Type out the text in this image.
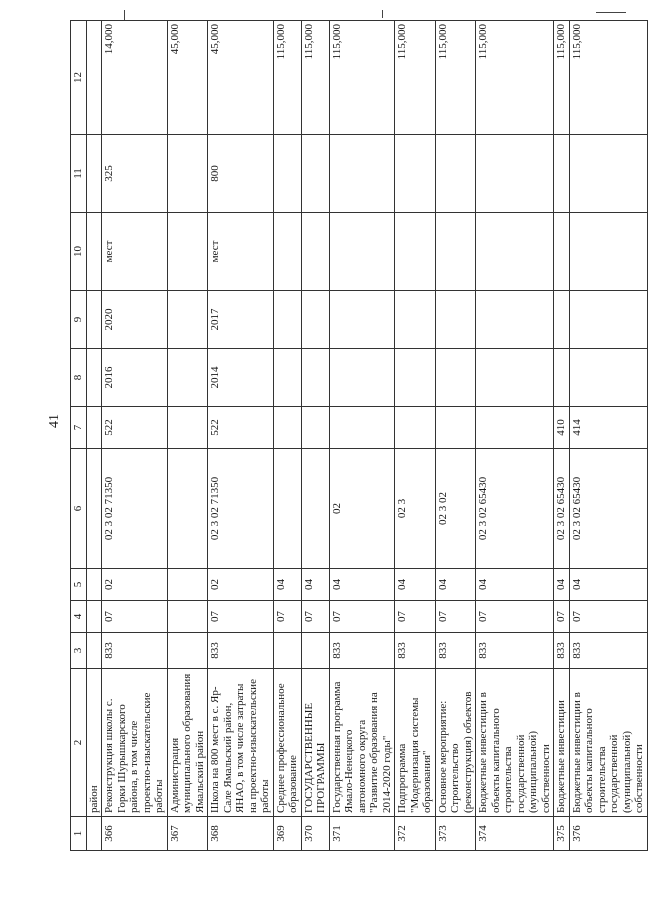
41
1	2	3	4	5	6	7	8	9	10	11	12
	район										
366	Реконструкция школы с. Горки Шурышкарского района, в том числе проектно-изыскательские работы	833	07	02	02 3 02 71350	522	2016	2020	мест	325	14,000
367	Администрация муниципального образования Ямальский район										45,000
368	Школа на 800 мест в с. Яр-Сале Ямальский район, ЯНАО, в том числе затраты на проектно-изыскательские работы	833	07	02	02 3 02 71350	522	2014	2017	мест	800	45,000
369	Среднее профессиональное образование		07	04							115,000
370	ГОСУДАРСТВЕННЫЕ ПРОГРАММЫ		07	04							115,000
371	Государственная программа Ямало-Ненецкого автономного округа "Развитие образования на 2014-2020 годы"	833	07	04	02						115,000
372	Подпрограмма "Модернизация системы образования"	833	07	04	02 3						115,000
373	Основное мероприятие: Строительство (реконструкция) объектов	833	07	04	02 3 02						115,000
374	Бюджетные инвестиции в объекты капитального строительства государственной (муниципальной) собственности	833	07	04	02 3 02 65430						115,000
375	Бюджетные инвестиции	833	07	04	02 3 02 65430	410					115,000
376	Бюджетные инвестиции в объекты капитального строительства государственной (муниципальной) собственности	833	07	04	02 3 02 65430	414					115,000
